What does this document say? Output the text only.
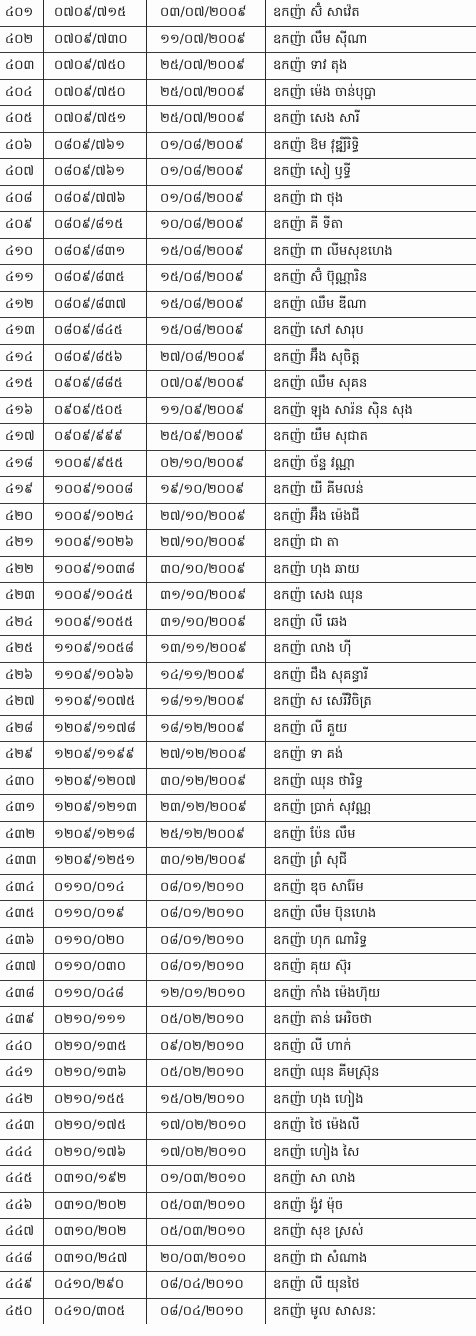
៤០១	០៧០៩/៧១៥	០៣/០៧/២០០៩	ឧកញ៉ា ស៊ំ សាវ៉េត
៤០២	០៧០៩/៧៣០	១១/០៧/២០០៩	ឧកញ៉ា លឹម ស៊ីណា
៤០៣	០៧០៩/៧៥០	២៥/០៧/២០០៩	ឧកញ៉ា ទាវ តុង
៤០៤	០៧០៩/៧៥០	២៥/០៧/២០០៩	ឧកញ៉ា ម៉េង ចាន់បុប្ផា
៤០៥	០៧០៩/៧៥១	២៥/០៧/២០០៩	ឧកញ៉ា សេង សារី
៤០៦	០៨០៩/៧៦១	០១/០៨/២០០៩	ឧកញ៉ា ឱម វុឌ្ឍីរិទ្ធិ
៤០៧	០៨០៩/៧៦១	០១/០៨/២០០៩	ឧកញ៉ា សៀ ឫទ្ធី
៤០៨	០៨០៩/៧៧៦	០១/០៨/២០០៩	ឧកញ៉ា ជា ថុង
៤០៩	០៨០៩/៨១៥	១០/០៨/២០០៩	ឧកញ៉ា គី ទីតា
៤១០	០៨០៩/៨៣១	១៥/០៨/២០០៩	ឧកញ៉ា ពា លីមសុខហេង
៤១១	០៨០៩/៨៣៥	១៥/០៨/២០០៩	ឧកញ៉ា ស៊ំ ប៊ុណ្ណារិន
៤១២	០៨០៩/៨៣៧	១៥/០៨/២០០៩	ឧកញ៉ា ឈឹម ឌីណា
៤១៣	០៨០៩/៨៤៥	១៥/០៨/២០០៩	ឧកញ៉ា សៅ សារុប
៤១៤	០៨០៩/៨៥៦	២៧/០៨/២០០៩	ឧកញ៉ា អ៊ឹង សុចិត្ត
៤១៥	០៩០៩/៨៨៥	០៧/០៩/២០០៩	ឧកញ៉ា ឈឹម សុគន
៤១៦	០៩០៩/៥០៥	១១/០៩/២០០៩	ឧកញ៉ា ឡុង សារ៉ន ស៊ិន សុង
៤១៧	០៩០៩/៩៩៩	២៥/០៩/២០០៩	ឧកញ៉ា យឹម សុជាត
៤១៨	១០០៩/៩៥៥	០២/១០/២០០៩	ឧកញ៉ា ច័ន្ទ វណ្ណា
៤១៩	១០០៩/១០០៨	១៩/១០/២០០៩	ឧកញ៉ា យី គីមលន់
៤២០	១០០៩/១០២៤	២៧/១០/២០០៩	ឧកញ៉ា អ៊ឹង ម៉េងជី
៤២១	១០០៩/១០២៦	២៧/១០/២០០៩	ឧកញ៉ា ជា តា
៤២២	១០០៩/១០៣៨	៣០/១០/២០០៩	ឧកញ៉ា ហុង ឆាយ
៤២៣	១០០៩/១០៤៥	៣១/១០/២០០៩	ឧកញ៉ា សេង ឈុន
៤២៤	១០០៩/១០៥៥	៣១/១០/២០០៩	ឧកញ៉ា លី ឆេង
៤២៥	១១០៩/១០៥៨	១៣/១១/២០០៩	ឧកញ៉ា លាង ហ៊ី
៤២៦	១១០៩/១០៦៦	១៤/១១/២០០៩	ឧកញ៉ា ជឹង សុគន្ធារី
៤២៧	១១០៩/១០៧៥	១៨/១១/២០០៩	ឧកញ៉ា ស សេរីវិចិត្រ
៤២៨	១២០៩/១១៧៨	១៨/១២/២០០៩	ឧកញ៉ា លី គួយ
៤២៩	១២០៩/១១៩៩	២៧/១២/២០០៩	ឧកញ៉ា ទា គង់
៤៣០	១២០៩/១២០៧	៣០/១២/២០០៩	ឧកញ៉ា ឈុន ថារិទ្ធ
៤៣១	១២០៩/១២១៣	២៣/១២/២០០៩	ឧកញ៉ា ប្រាក់ សុវណ្ណ
៤៣២	១២០៩/១២១៨	២៥/១២/២០០៩	ឧកញ៉ា ប៉ែន លឹម
៤៣៣	១២០៩/១២៥១	៣០/១២/២០០៩	ឧកញ៉ា ព្រំ សុជី
៤៣៤	០១១០/០១៤	០៨/០១/២០១០	ឧកញ៉ា ឌុច សារ៉ែម
៤៣៥	០១១០/០១៩	០៨/០១/២០១០	ឧកញ៉ា លឹម ប៊ុនហេង
៤៣៦	០១១០/០២០	០៨/០១/២០១០	ឧកញ៉ា ហុក ណារិទ្ធ
៤៣៧	០១១០/០៣០	០៨/០១/២០១០	ឧកញ៉ា គុយ ស៊ុរ
៤៣៨	០១១០/០៤៨	១២/០១/២០១០	ឧកញ៉ា កាំង ម៉េងហ៊ុយ
៤៣៩	០២១០/១១១	០៥/០២/២០១០	ឧកញ៉ា តាន់ អេរិចថា
៤៤០	០២១០/១៣៥	០៩/០២/២០១០	ឧកញ៉ា លី ហាក់
៤៤១	០២១០/១៣៦	០៥/០២/២០១០	ឧកញ៉ា ឈុន គីមស្រ៊ុន
៤៤២	០២១០/១៥៥	១៥/០២/២០១០	ឧកញ៉ា ហុង ហៀង
៤៤៣	០២១០/១៧៥	១៧/០២/២០១០	ឧកញ៉ា ថៃ ម៉េងលី
៤៤៤	០២១០/១៧៦	១៧/០២/២០១០	ឧកញ៉ា ហៀង សៃ
៤៤៥	០៣១០/១៩២	០១/០៣/២០១០	ឧកញ៉ា សា លាង
៤៤៦	០៣១០/២០២	០៥/០៣/២០១០	ឧកញ៉ា ង៉ូវ ម៉ុច
៤៤៧	០៣១០/២០២	០៥/០៣/២០១០	ឧកញ៉ា សុខ ស្រស់
៤៤៨	០៣១០/២៤៧	២០/០៣/២០១០	ឧកញ៉ា ជា សំណាង
៤៤៩	០៤១០/២៩០	០៨/០៤/២០១០	ឧកញ៉ា លី យុនថៃ
៤៥០	០៤១០/៣០៥	០៨/០៤/២០១០	ឧកញ៉ា មូល សាសនៈ
